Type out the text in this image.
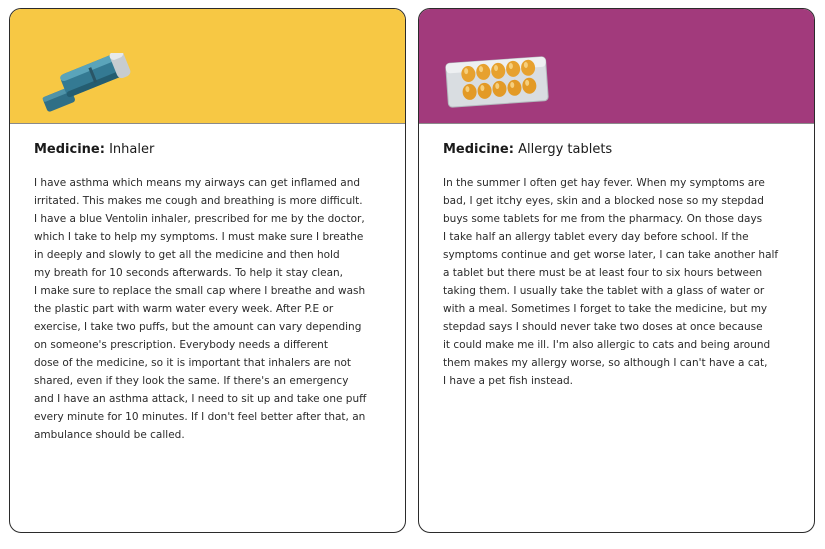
Medicine: Inhaler
I have asthma which means my airways can get inflamed and
irritated. This makes me cough and breathing is more difficult.
I have a blue Ventolin inhaler, prescribed for me by the doctor,
which I take to help my symptoms. I must make sure I breathe
in deeply and slowly to get all the medicine and then hold
my breath for 10 seconds afterwards. To help it stay clean,
I make sure to replace the small cap where I breathe and wash
the plastic part with warm water every week. After P.E or
exercise, I take two puffs, but the amount can vary depending
on someone's prescription. Everybody needs a different
dose of the medicine, so it is important that inhalers are not
shared, even if they look the same. If there's an emergency
and I have an asthma attack, I need to sit up and take one puff
every minute for 10 minutes. If I don't feel better after that, an
ambulance should be called.
Medicine: Allergy tablets
In the summer I often get hay fever. When my symptoms are
bad, I get itchy eyes, skin and a blocked nose so my stepdad
buys some tablets for me from the pharmacy. On those days
I take half an allergy tablet every day before school. If the
symptoms continue and get worse later, I can take another half
a tablet but there must be at least four to six hours between
taking them. I usually take the tablet with a glass of water or
with a meal. Sometimes I forget to take the medicine, but my
stepdad says I should never take two doses at once because
it could make me ill. I'm also allergic to cats and being around
them makes my allergy worse, so although I can't have a cat,
I have a pet fish instead.
